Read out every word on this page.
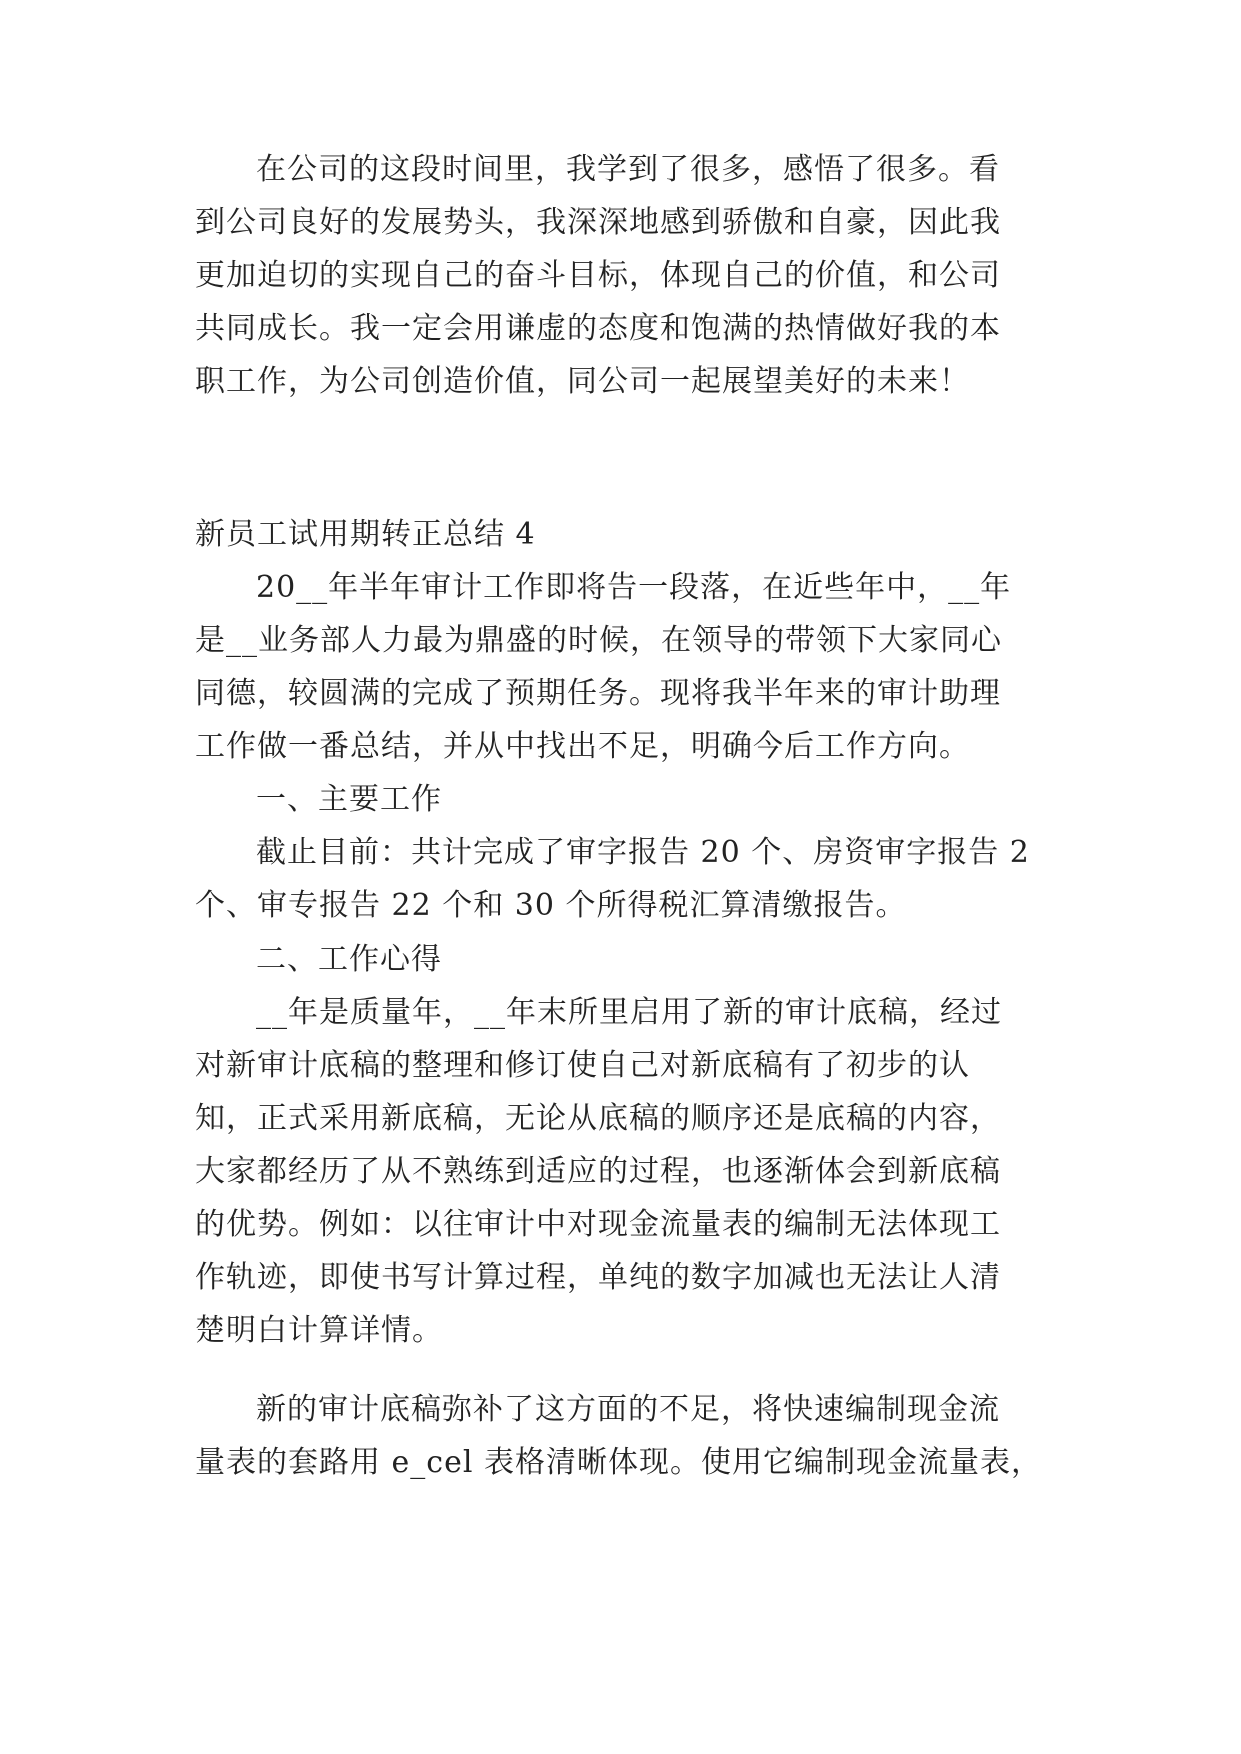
在公司的这段时间里，我学到了很多，感悟了很多。看
到公司良好的发展势头，我深深地感到骄傲和自豪，因此我
更加迫切的实现自己的奋斗目标，体现自己的价值，和公司
共同成长。我一定会用谦虚的态度和饱满的热情做好我的本
职工作，为公司创造价值，同公司一起展望美好的未来！
新员工试用期转正总结 4
20__年半年审计工作即将告一段落，在近些年中，__年
是__业务部人力最为鼎盛的时候，在领导的带领下大家同心
同德，较圆满的完成了预期任务。现将我半年来的审计助理
工作做一番总结，并从中找出不足，明确今后工作方向。
一、主要工作
截止目前：共计完成了审字报告 20 个、房资审字报告 2
个、审专报告 22 个和 30 个所得税汇算清缴报告。
二、工作心得
__年是质量年，__年末所里启用了新的审计底稿，经过
对新审计底稿的整理和修订使自己对新底稿有了初步的认
知，正式采用新底稿，无论从底稿的顺序还是底稿的内容，
大家都经历了从不熟练到适应的过程，也逐渐体会到新底稿
的优势。例如：以往审计中对现金流量表的编制无法体现工
作轨迹，即使书写计算过程，单纯的数字加减也无法让人清
楚明白计算详情。
新的审计底稿弥补了这方面的不足，将快速编制现金流
量表的套路用 e_cel 表格清晰体现。使用它编制现金流量表，
